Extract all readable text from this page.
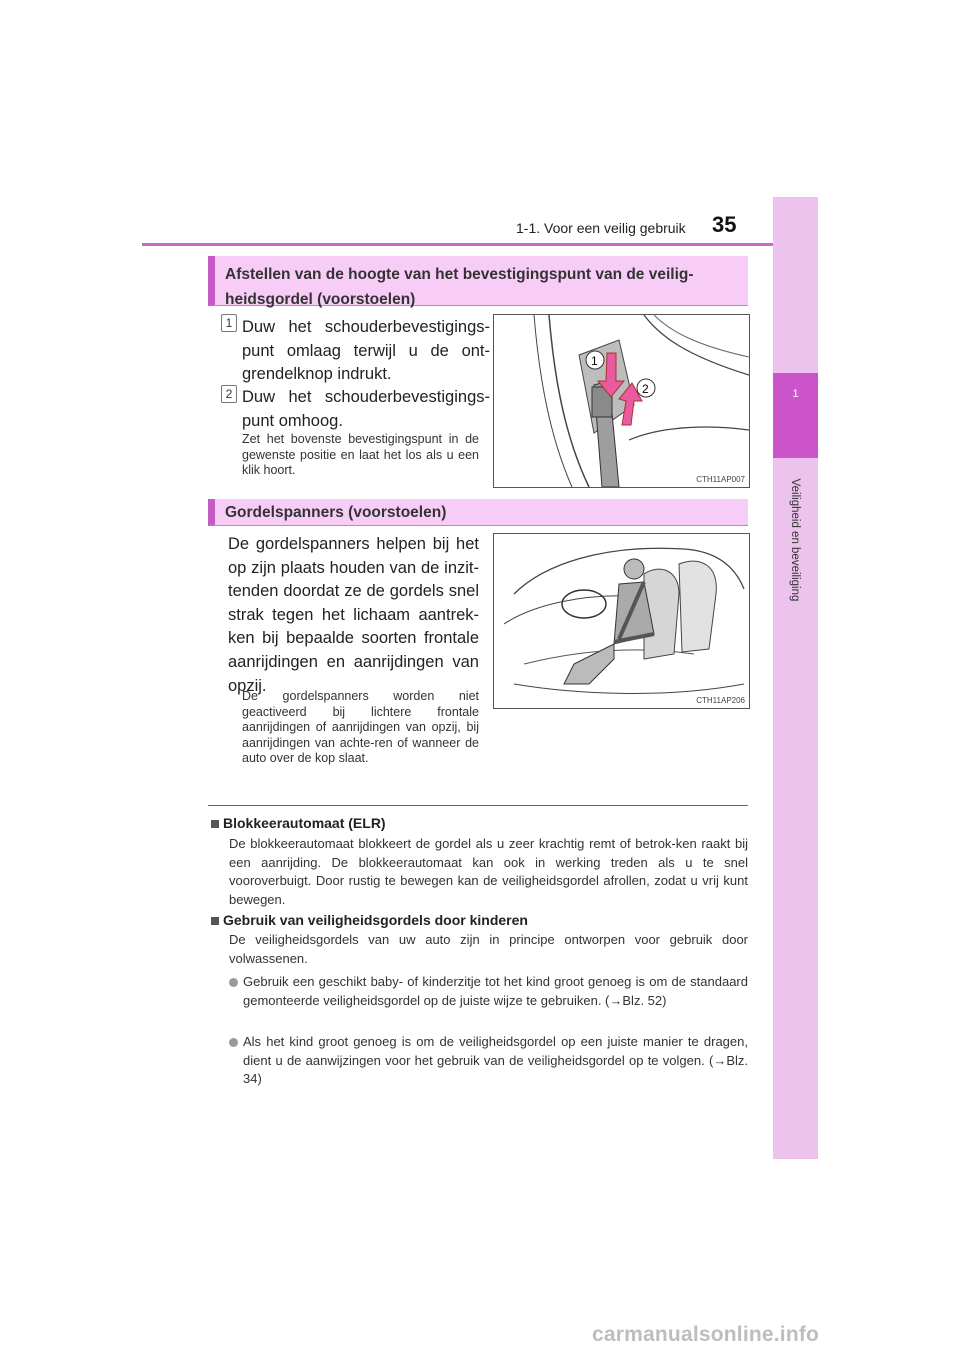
1-1. Voor een veilig gebruik 35
1
Veiligheid en beveiliging
Afstellen van de hoogte van het bevestigingspunt van de veilig-heidsgordel (voorstoelen)
1 Duw het schouderbevestigings-punt omlaag terwijl u de ont-grendelknop indrukt.
2 Duw het schouderbevestigings-punt omhoog.
Zet het bovenste bevestigingspunt in de gewenste positie en laat het los als u een klik hoort.
1
2
CTH11AP007
Gordelspanners (voorstoelen)
De gordelspanners helpen bij het op zijn plaats houden van de inzit-tenden doordat ze de gordels snel strak tegen het lichaam aantrek-ken bij bepaalde soorten frontale aanrijdingen en aanrijdingen van opzij.
De gordelspanners worden niet geactiveerd bij lichtere frontale aanrijdingen of aanrijdingen van opzij, bij aanrijdingen van achte-ren of wanneer de auto over de kop slaat.
CTH11AP206
Blokkeerautomaat (ELR)
De blokkeerautomaat blokkeert de gordel als u zeer krachtig remt of betrok-ken raakt bij een aanrijding. De blokkeerautomaat kan ook in werking treden als u te snel vooroverbuigt. Door rustig te bewegen kan de veiligheidsgordel afrollen, zodat u vrij kunt bewegen.
Gebruik van veiligheidsgordels door kinderen
De veiligheidsgordels van uw auto zijn in principe ontworpen voor gebruik door volwassenen.
Gebruik een geschikt baby- of kinderzitje tot het kind groot genoeg is om de standaard gemonteerde veiligheidsgordel op de juiste wijze te gebruiken. (→Blz. 52)
Als het kind groot genoeg is om de veiligheidsgordel op een juiste manier te dragen, dient u de aanwijzingen voor het gebruik van de veiligheidsgordel op te volgen. (→Blz. 34)
carmanualsonline.info
